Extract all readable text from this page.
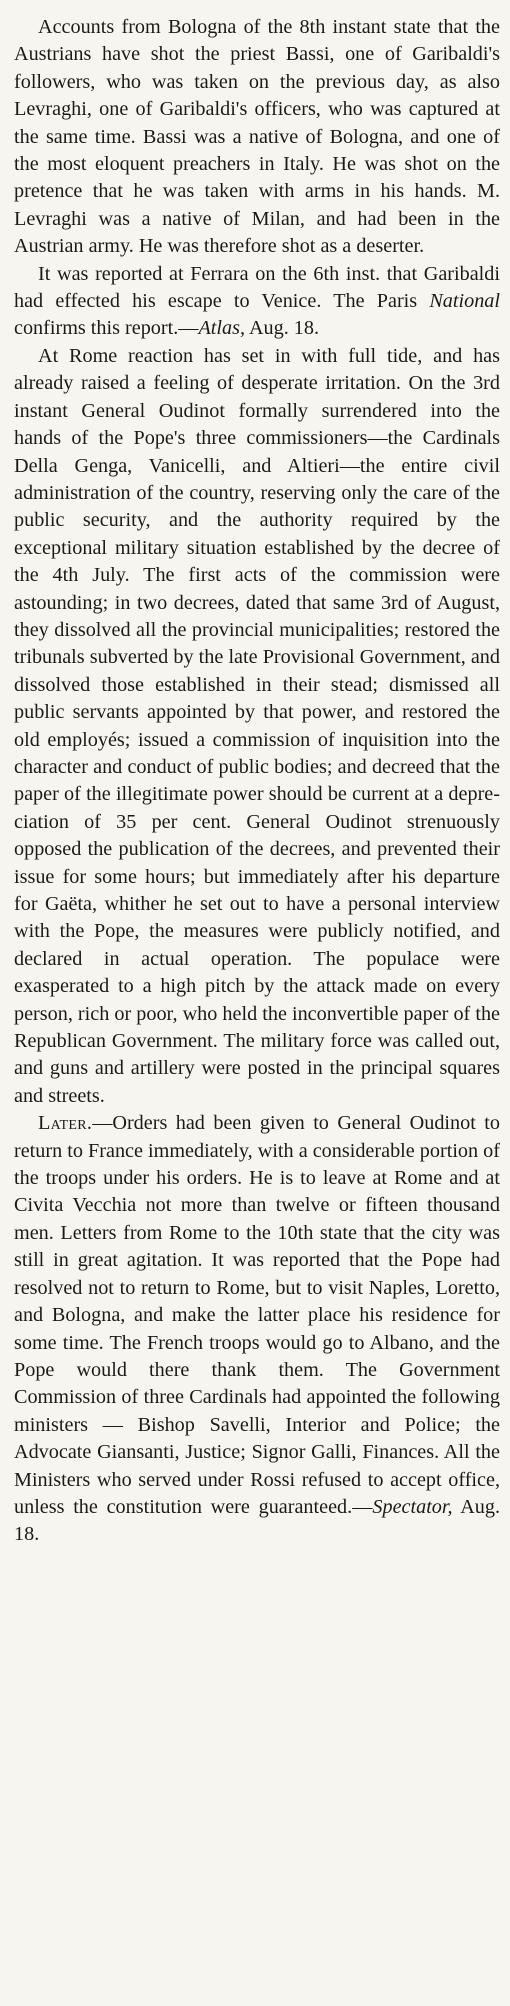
Accounts from Bologna of the 8th instant state that the Austrians have shot the priest Bassi, one of Garibaldi's followers, who was taken on the previous day, as also Levraghi, one of Garibaldi's officers, who was captured at the same time. Bassi was a native of Bologna, and one of the most eloquent preachers in Italy. He was shot on the pretence that he was taken with arms in his hands. M. Levraghi was a native of Milan, and had been in the Austrian army. He was therefore shot as a deserter.

It was reported at Ferrara on the 6th inst. that Garibaldi had effected his escape to Venice. The Paris National confirms this report.—Atlas, Aug. 18.

At Rome reaction has set in with full tide, and has already raised a feeling of desperate irritation. On the 3rd instant General Oudinot formally surrendered into the hands of the Pope's three commissioners—the Cardinals Della Genga, Vanicelli, and Altieri—the entire civil administration of the country, reserving only the care of the public security, and the authority required by the exceptional military situation established by the decree of the 4th July. The first acts of the commission were astounding; in two decrees, dated that same 3rd of August, they dissolved all the provincial municipalities; restored the tribunals subverted by the late Provisional Government, and dissolved those established in their stead; dismissed all public servants appointed by that power, and restored the old employés; issued a commission of inquisition into the character and conduct of public bodies; and decreed that the paper of the illegitimate power should be current at a depreciation of 35 per cent. General Oudinot strenuously opposed the publication of the decrees, and prevented their issue for some hours; but immediately after his departure for Gaëta, whither he set out to have a personal interview with the Pope, the measures were publicly notified, and declared in actual operation. The populace were exasperated to a high pitch by the attack made on every person, rich or poor, who held the inconvertible paper of the Republican Government. The military force was called out, and guns and artillery were posted in the principal squares and streets.

Later.—Orders had been given to General Oudinot to return to France immediately, with a considerable portion of the troops under his orders. He is to leave at Rome and at Civita Vecchia not more than twelve or fifteen thousand men. Letters from Rome to the 10th state that the city was still in great agitation. It was reported that the Pope had resolved not to return to Rome, but to visit Naples, Loretto, and Bologna, and make the latter place his residence for some time. The French troops would go to Albano, and the Pope would there thank them. The Government Commission of three Cardinals had appointed the following ministers — Bishop Savelli, Interior and Police; the Advocate Giansanti, Justice; Signor Galli, Finances. All the Ministers who served under Rossi refused to accept office, unless the constitution were guaranteed.—Spectator, Aug. 18.
